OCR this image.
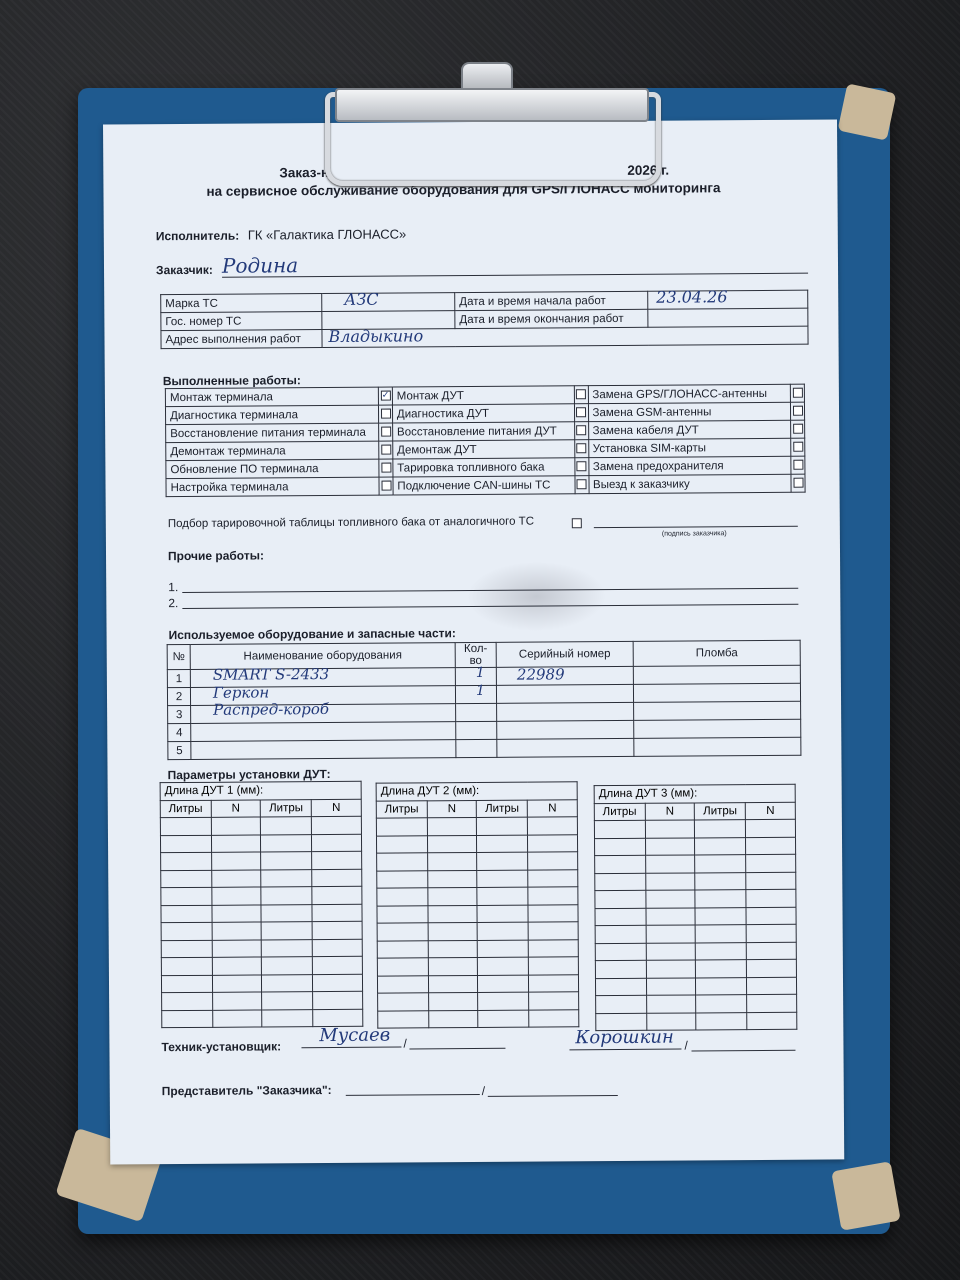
Заказ-н	2026 г.
на сервисное обслуживание оборудования для GPS/ГЛОНАСС мониторинга
Исполнитель: ГК «Галактика ГЛОНАСС»
Заказчик: Родина
Марка ТС	АЗС	Дата и время начала работ	23.04.26

Гос. номер ТС		Дата и время окончания работ	
Адрес выполнения работ	Владыкино		
Выполненные работы:
Монтаж терминала	✓	Монтаж ДУТ		Замена GPS/ГЛОНАСС-антенны	
Диагностика терминала		Диагностика ДУТ		Замена GSM-антенны	
Восстановление питания терминала		Восстановление питания ДУТ		Замена кабеля ДУТ	
Демонтаж терминала		Демонтаж ДУТ		Установка SIM-карты	
Обновление ПО терминала		Тарировка топливного бака		Замена предохранителя	
Настройка терминала		Подключение CAN-шины ТС		Выезд к заказчику	
Подбор тарировочной таблицы топливного бака от аналогичного ТС
(подпись заказчика)
Прочие работы:
1.
2.
Используемое оборудование и запасные части:
№	Наименование оборудования	Кол-во	Серийный номер	Пломба
1	SMART S-2433	1	22989	

2	Геркон	1		

3	Распред-короб			

4				
5				
Параметры установки ДУТ:
Длина ДУТ 1 (мм):			
Литры	N	Литры	N

Длина ДУТ 2 (мм):			
Литры	N	Литры	N

Длина ДУТ 3 (мм):			
Литры	N	Литры	N

Техник-установщик:
Мусаев /	Корошкин /
Представитель "Заказчика":	/
